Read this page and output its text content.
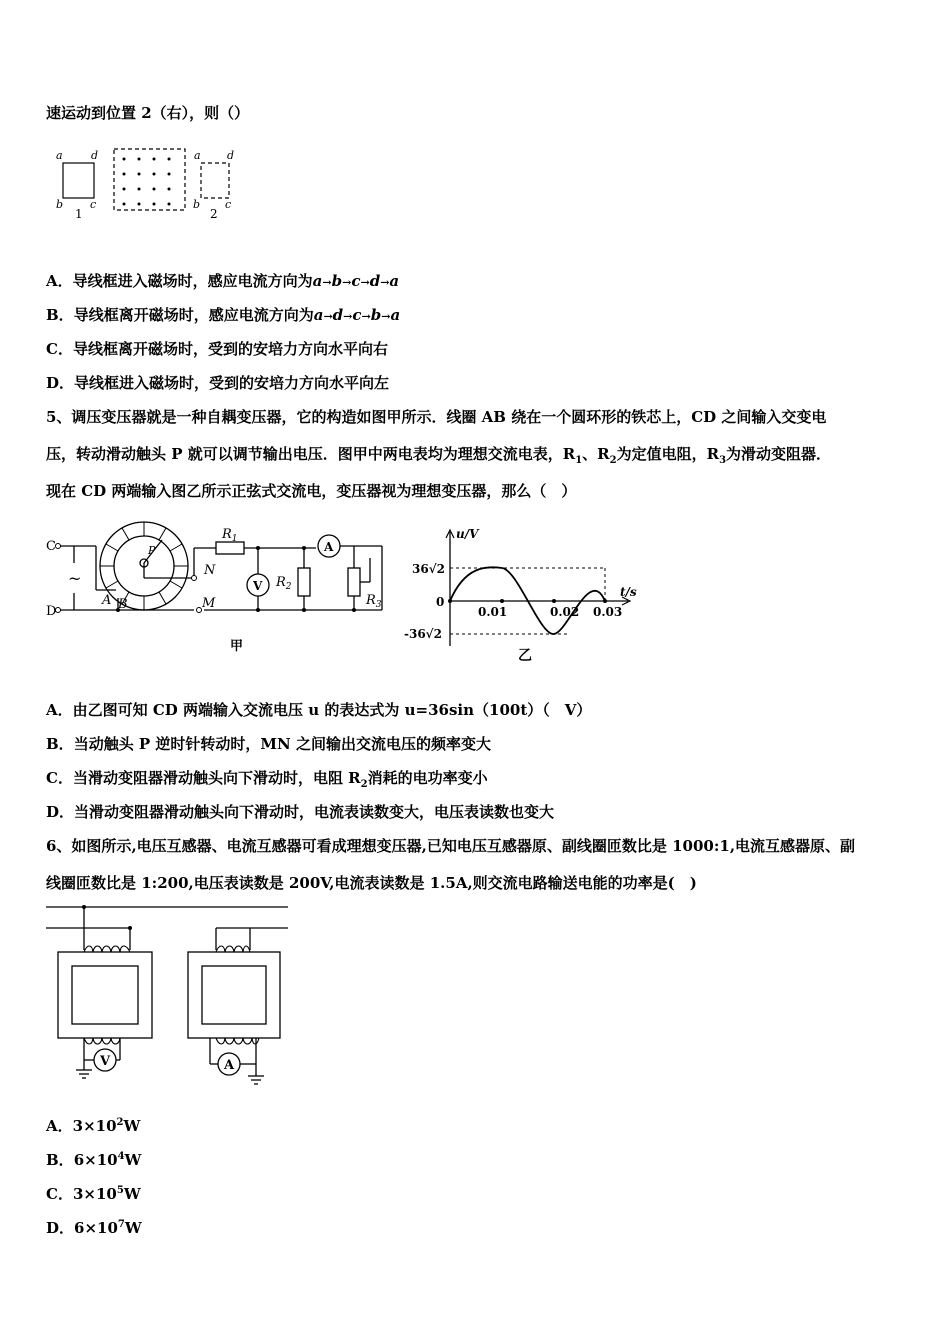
速运动到位置 2（右），则（）
a	d
b c
a d
b c
1	2
A．导线框进入磁场时，感应电流方向为a→b→c→d→a
B．导线框离开磁场时，感应电流方向为a→d→c→b→a
C．导线框离开磁场时，受到的安培力方向水平向右
D．导线框进入磁场时，受到的安培力方向水平向左
5、调压变压器就是一种自耦变压器，它的构造如图甲所示．线圈 AB 绕在一个圆环形的铁芯上，CD 之间输入交变电
压，转动滑动触头 P 就可以调节输出电压．图甲中两电表均为理想交流电表，$R_1$、$R_2$为定值电阻，$R_3$为滑动变阻器．
现在 CD 两端输入图乙所示正弦式交流电，变压器视为理想变压器，那么（　）
C
D
~
A B
P
N
M
$R_1$
$R_2$
$R_3$
V
A
甲
u/V
t/s
36√2
0
-36√2
0.01	0.02 0.03
乙
A．由乙图可知 CD 两端输入交流电压 u 的表达式为 u=36sin（100t）（　V）
B．当动触头 P 逆时针转动时，MN 之间输出交流电压的频率变大
C．当滑动变阻器滑动触头向下滑动时，电阻 $R_2$消耗的电功率变小
D．当滑动变阻器滑动触头向下滑动时，电流表读数变大，电压表读数也变大
6、如图所示,电压互感器、电流互感器可看成理想变压器,已知电压互感器原、副线圈匝数比是 1000:1,电流互感器原、副
线圈匝数比是 1:200,电压表读数是 200V,电流表读数是 1.5A,则交流电路输送电能的功率是(　)
V	A
A．$3\times 10^2W$
B．$6\times 10^4W$
C．$3\times 10^5W$
D．$6\times 10^7W$
